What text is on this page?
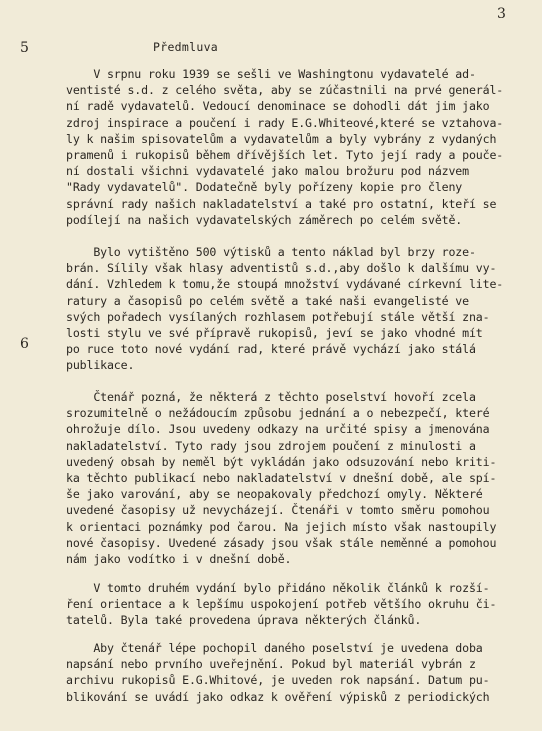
3
5
6
Předmluva
V srpnu roku 1939 se sešli ve Washingtonu vydavatelé ad-
ventisté s.d. z celého světa, aby se zúčastnili na prvé generál-
ní radě vydavatelů. Vedoucí denominace se dohodli dát jim jako
zdroj inspirace a poučení i rady E.G.Whiteové,které se vztahova-
ly k našim spisovatelům a vydavatelům a byly vybrány z vydaných
pramenů i rukopisů během dřívějších let. Tyto její rady a pouče-
ní dostali všichni vydavatelé jako malou brožuru pod názvem
"Rady vydavatelů". Dodatečně byly pořízeny kopie pro členy
správní rady našich nakladatelství a také pro ostatní, kteří se
podílejí na našich vydavatelských záměrech po celém světě.
Bylo vytištěno 500 výtisků a tento náklad byl brzy roze-
brán. Sílily však hlasy adventistů s.d.,aby došlo k dalšímu vy-
dání. Vzhledem k tomu,že stoupá množství vydávané církevní lite-
ratury a časopisů po celém světě a také naši evangelisté ve
svých pořadech vysílaných rozhlasem potřebují stále větší zna-
losti stylu ve své přípravě rukopisů, jeví se jako vhodné mít
po ruce toto nové vydání rad, které právě vychází jako stálá
publikace.
Čtenář pozná, že některá z těchto poselství hovoří zcela
srozumitelně o nežádoucím způsobu jednání a o nebezpečí, které
ohrožuje dílo. Jsou uvedeny odkazy na určité spisy a jmenována
nakladatelství. Tyto rady jsou zdrojem poučení z minulosti a
uvedený obsah by neměl být vykládán jako odsuzování nebo kriti-
ka těchto publikací nebo nakladatelství v dnešní době, ale spí-
še jako varování, aby se neopakovaly předchozí omyly. Některé
uvedené časopisy už nevycházejí. Čtenáři v tomto směru pomohou
k orientaci poznámky pod čarou. Na jejich místo však nastoupily
nové časopisy. Uvedené zásady jsou však stále neměnné a pomohou
nám jako vodítko i v dnešní době.
V tomto druhém vydání bylo přidáno několik článků k rozší-
ření orientace a k lepšímu uspokojení potřeb většího okruhu či-
tatelů. Byla také provedena úprava některých článků.
Aby čtenář lépe pochopil daného poselství je uvedena doba
napsání nebo prvního uveřejnění. Pokud byl materiál vybrán z
archivu rukopisů E.G.Whitové, je uveden rok napsání. Datum pu-
blikování se uvádí jako odkaz k ověření výpisků z periodických
